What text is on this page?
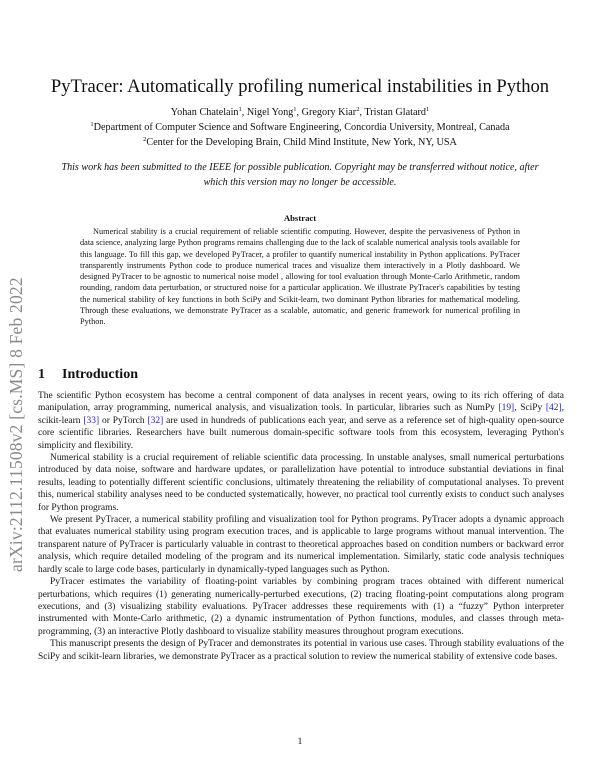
arXiv:2112.11508v2 [cs.MS] 8 Feb 2022
PyTracer: Automatically profiling numerical instabilities in Python
Yohan Chatelain$^1$, Nigel Yong$^1$, Gregory Kiar$^2$, Tristan Glatard$^1$
$^1$Department of Computer Science and Software Engineering, Concordia University, Montreal, Canada
$^2$Center for the Developing Brain, Child Mind Institute, New York, NY, USA
This work has been submitted to the IEEE for possible publication. Copyright may be transferred without notice, after which this version may no longer be accessible.
Abstract
Numerical stability is a crucial requirement of reliable scientific computing. However, despite the pervasiveness of Python in data science, analyzing large Python programs remains challenging due to the lack of scalable numerical analysis tools available for this language. To fill this gap, we developed PyTracer, a profiler to quantify numerical instability in Python applications. PyTracer transparently instruments Python code to produce numerical traces and visualize them interactively in a Plotly dashboard. We designed PyTracer to be agnostic to numerical noise model , allowing for tool evaluation through Monte-Carlo Arithmetic, random rounding, random data perturbation, or structured noise for a particular application. We illustrate PyTracer's capabilities by testing the numerical stability of key functions in both SciPy and Scikit-learn, two dominant Python libraries for mathematical modeling. Through these evaluations, we demonstrate PyTracer as a scalable, automatic, and generic framework for numerical profiling in Python.
1 Introduction

The scientific Python ecosystem has become a central component of data analyses in recent years, owing to its rich offering of data manipulation, array programming, numerical analysis, and visualization tools. In particular, libraries such as NumPy [19], SciPy [42], scikit-learn [33] or PyTorch [32] are used in hundreds of publications each year, and serve as a reference set of high-quality open-source core scientific libraries. Researchers have built numerous domain-specific software tools from this ecosystem, leveraging Python's simplicity and flexibility.

Numerical stability is a crucial requirement of reliable scientific data processing. In unstable analyses, small numerical perturbations introduced by data noise, software and hardware updates, or parallelization have potential to introduce substantial deviations in final results, leading to potentially different scientific conclusions, ultimately threatening the reliability of computational analyses. To prevent this, numerical stability analyses need to be conducted systematically, however, no practical tool currently exists to conduct such analyses for Python programs.

We present PyTracer, a numerical stability profiling and visualization tool for Python programs. PyTracer adopts a dynamic approach that evaluates numerical stability using program execution traces, and is applicable to large programs without manual intervention. The transparent nature of PyTracer is particularly valuable in contrast to theoretical approaches based on condition numbers or backward error analysis, which require detailed modeling of the program and its numerical implementation. Similarly, static code analysis techniques hardly scale to large code bases, particularly in dynamically-typed languages such as Python.

PyTracer estimates the variability of floating-point variables by combining program traces obtained with different numerical perturbations, which requires (1) generating numerically-perturbed executions, (2) tracing floating-point computations along program executions, and (3) visualizing stability evaluations. PyTracer addresses these requirements with (1) a “fuzzy” Python interpreter instrumented with Monte-Carlo arithmetic, (2) a dynamic instrumentation of Python functions, modules, and classes through meta-programming, (3) an interactive Plotly dashboard to visualize stability measures throughout program executions.

This manuscript presents the design of PyTracer and demonstrates its potential in various use cases. Through stability evaluations of the SciPy and scikit-learn libraries, we demonstrate PyTracer as a practical solution to review the numerical stability of extensive code bases.

1
